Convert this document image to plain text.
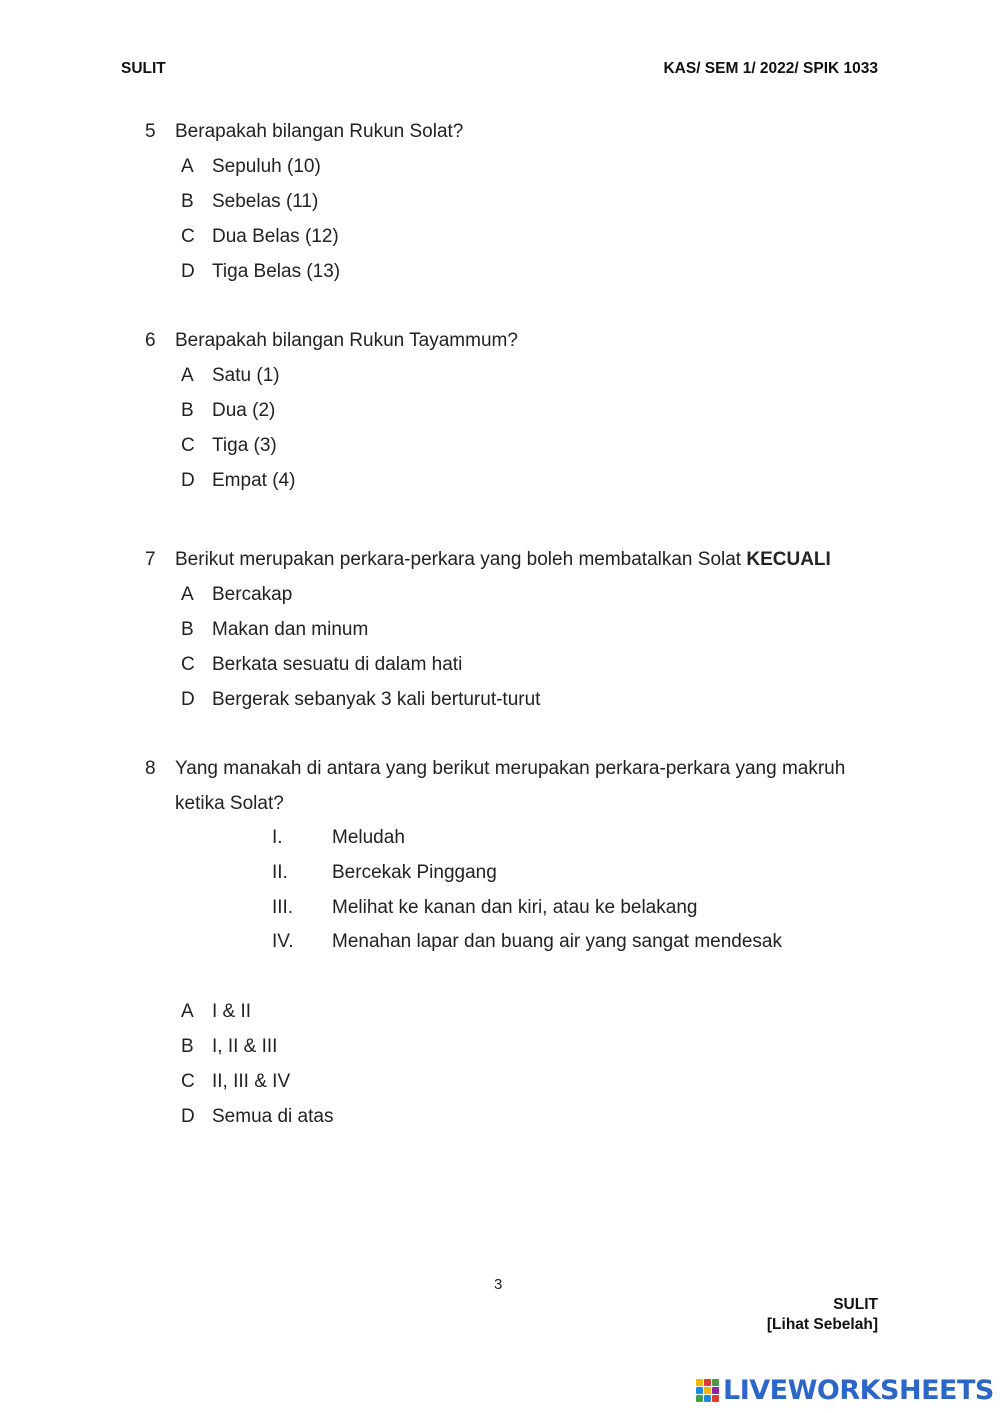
SULIT	KAS/ SEM 1/ 2022/ SPIK 1033
5 Berapakah bilangan Rukun Solat?
A Sepuluh (10)
B Sebelas (11)
C Dua Belas (12)
D Tiga Belas (13)
6 Berapakah bilangan Rukun Tayammum?
A Satu (1)
B Dua (2)
C Tiga (3)
D Empat (4)
7 Berikut merupakan perkara-perkara yang boleh membatalkan Solat KECUALI
A Bercakap
B Makan dan minum
C Berkata sesuatu di dalam hati
D Bergerak sebanyak 3 kali berturut-turut
8 Yang manakah di antara yang berikut merupakan perkara-perkara yang makruh
ketika Solat?
I.	Meludah
II. Bercekak Pinggang
III. Melihat ke kanan dan kiri, atau ke belakang
IV. Menahan lapar dan buang air yang sangat mendesak
A I & II
B I, II & III
C II, III & IV
D Semua di atas
3
SULIT
[Lihat Sebelah]
LIVEWORKSHEETS
